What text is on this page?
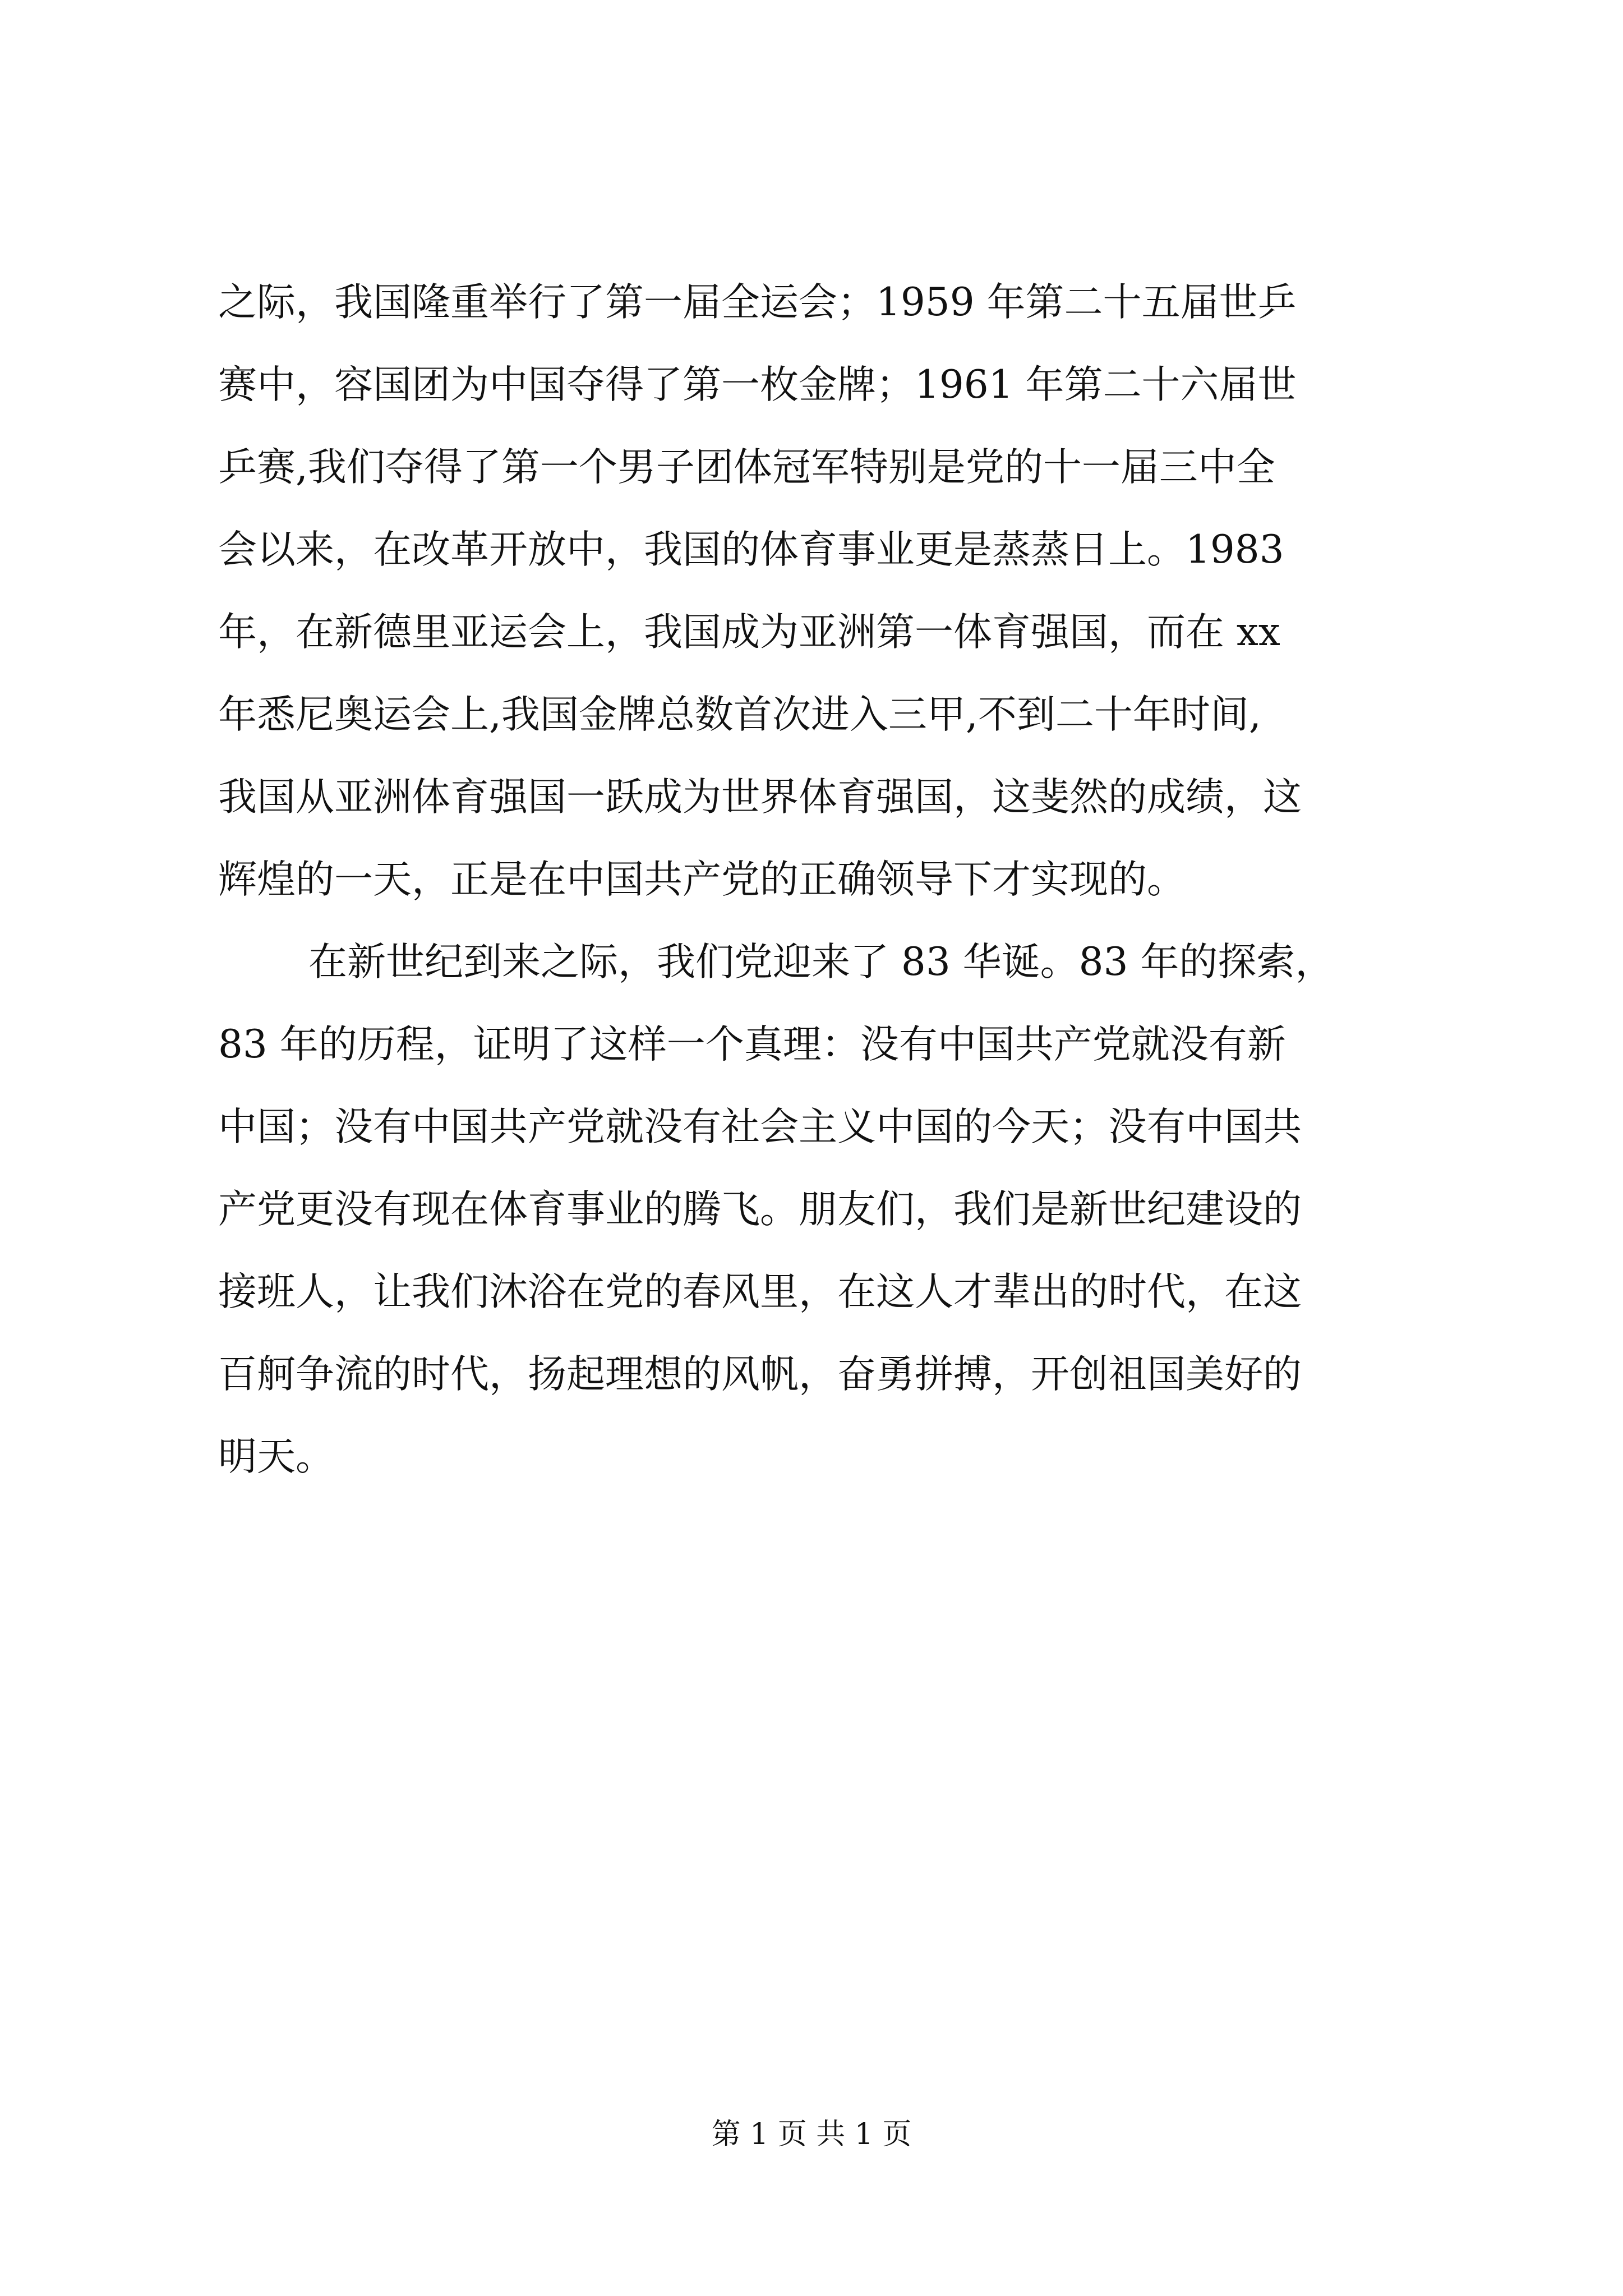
之际，我国隆重举行了第一届全运会；1959 年第二十五届世乒
赛中，容国团为中国夺得了第一枚金牌；1961 年第二十六届世
乒赛,我们夺得了第一个男子团体冠军特别是党的十一届三中全
会以来，在改革开放中，我国的体育事业更是蒸蒸日上。1983
年，在新德里亚运会上，我国成为亚洲第一体育强国，而在 xx
年悉尼奥运会上,我国金牌总数首次进入三甲,不到二十年时间,
我国从亚洲体育强国一跃成为世界体育强国，这斐然的成绩，这
辉煌的一天，正是在中国共产党的正确领导下才实现的。
在新世纪到来之际，我们党迎来了 83 华诞。83 年的探索，
83 年的历程，证明了这样一个真理：没有中国共产党就没有新
中国；没有中国共产党就没有社会主义中国的今天；没有中国共
产党更没有现在体育事业的腾飞。朋友们，我们是新世纪建设的
接班人，让我们沐浴在党的春风里，在这人才辈出的时代，在这
百舸争流的时代，扬起理想的风帆，奋勇拼搏，开创祖国美好的
明天。
第 1 页 共 1 页
